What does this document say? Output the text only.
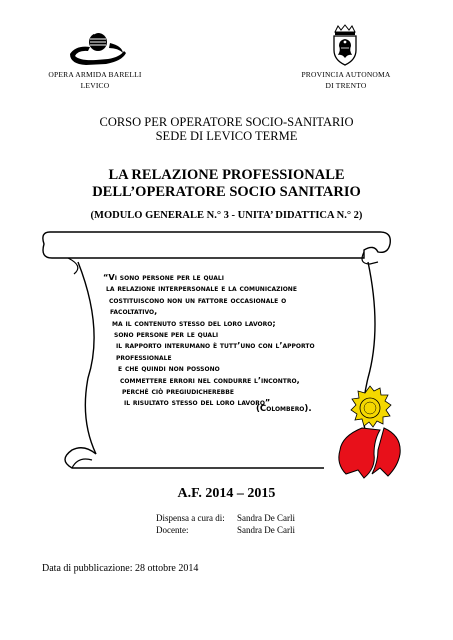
OPERA ARMIDA BARELLI
LEVICO
PROVINCIA AUTONOMA
DI TRENTO
CORSO PER OPERATORE SOCIO-SANITARIO
SEDE DI LEVICO TERME
LA RELAZIONE PROFESSIONALE
DELL’OPERATORE SOCIO SANITARIO
(MODULO GENERALE N.° 3 - UNITA’ DIDATTICA N.° 2)
“Vi sono persone per le quali
la relazione interpersonale e la comunicazione
costituiscono non un fattore occasionale o
facoltativo,
ma il contenuto stesso del loro lavoro;
sono persone per le quali
il rapporto interumano è tutt’uno con l’apporto
professionale
e che quindi non possono
commettere errori nel condurre l’incontro,
perché ciò pregiudicherebbe
il risultato stesso del loro lavoro”
(Colombero).
A.F. 2014 – 2015
Dispensa a cura di:	Sandra De Carli
Docente:	Sandra De Carli
Data di pubblicazione: 28 ottobre 2014
